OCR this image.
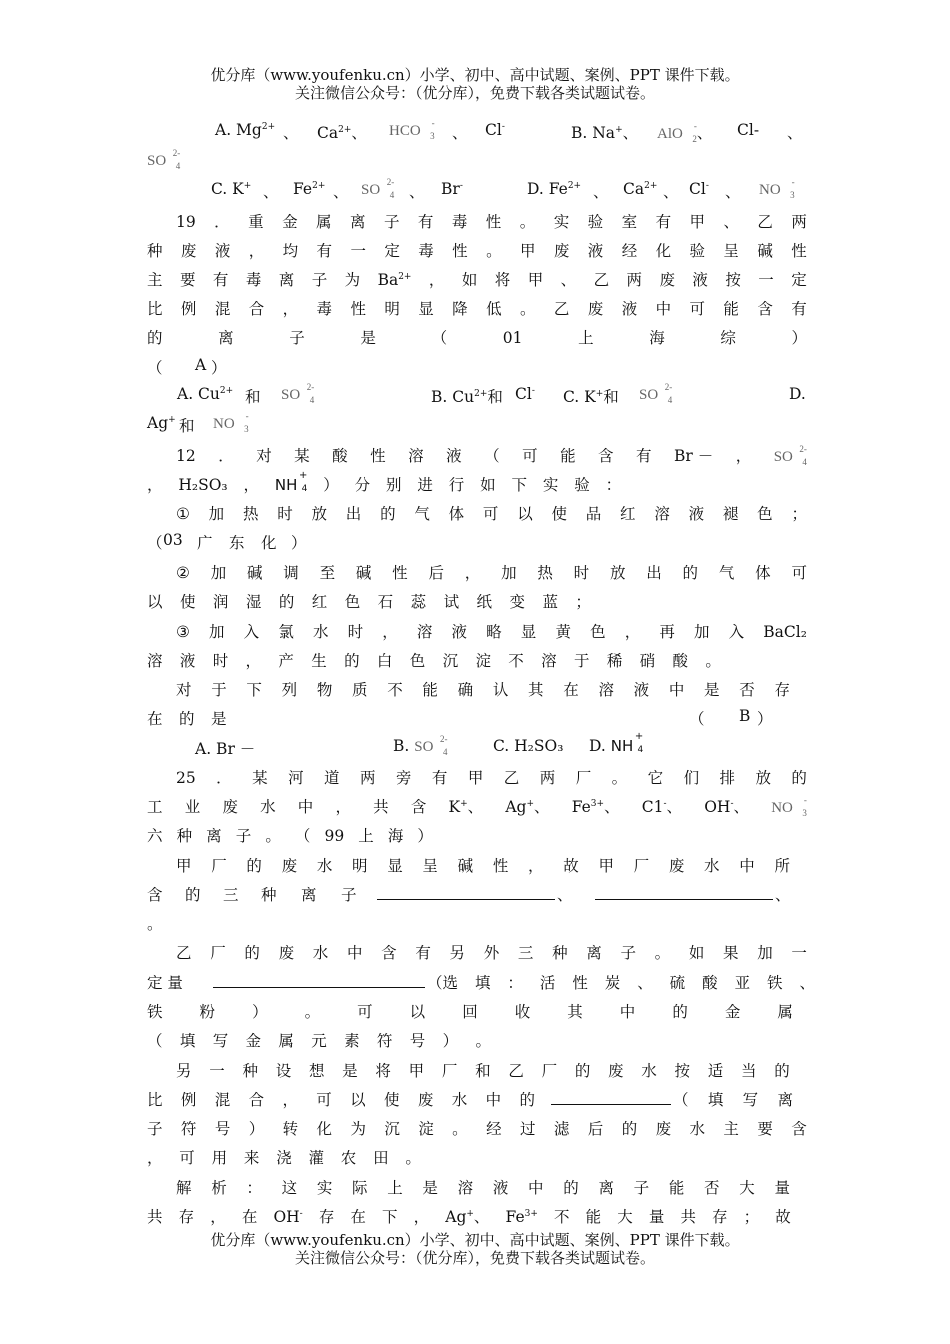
优分库（www.youfenku.cn）小学、初中、高中试题、案例、PPT 课件下载。
关注微信公众号：（优分库），免费下载各类试题试卷。
A. $Mg^{2+}$ 、 $Ca^{2+}$、 HCO -
3 、 Cl-	B. Na+、 AlO -
2 、 Cl- 、
SO 2-
4
C. K+ 、 $Fe^{2+}$ 、 SO 2-
4 、 Br-	D. $Fe^{2+}$ 、 $Ca^{2+}$ 、 Cl- 、 NO -
3
19 ． 重 金 属 离 子 有 毒 性 。 实 验 室 有 甲 、 乙 两
种 废 液 ， 均 有 一 定 毒 性 。 甲 废 液 经 化 验 呈 碱 性
主 要 有 毒 离 子 为 $Ba^{2+}$ ， 如 将 甲 、 乙 两 废 液 按 一 定
比 例 混 合 ， 毒 性 明 显 降 低 。 乙 废 液 中 可 能 含 有
的	离	子	是	（	01	上	海	综	）
（ A ）
A. $Cu^{2+}$ 和 SO 2-
4	B. $Cu^{2+}$和 Cl- C. K+和 SO 2-
4	D.
Ag+ 和 NO -
3
12 ． 对 某 酸 性 溶 液 （ 可 能 含 有 Br － ， SO 2-
4
， H₂SO₃ ， NH
+
4 ） 分 别 进 行 如 下 实 验 ：
① 加 热 时 放 出 的 气 体 可 以 使 品 红 溶 液 褪 色 ；
（ 03 广 东 化 ）
② 加 碱 调 至 碱 性 后 ， 加 热 时 放 出 的 气 体 可
以 使 润 湿 的 红 色 石 蕊 试 纸 变 蓝 ；
③ 加 入 氯 水 时 ， 溶 液 略 显 黄 色 ， 再 加 入 BaCl₂
溶 液 时 ， 产 生 的 白 色 沉 淀 不 溶 于 稀 硝 酸 。
对 于 下 列 物 质 不 能 确 认 其 在 溶 液 中 是 否 存
在 的 是	（ B ）
A. Br －	B. SO 2-
4	C. H₂SO₃ D. NH
+
4
25 ． 某 河 道 两 旁 有 甲 乙 两 厂 。 它 们 排 放 的
工 业 废 水 中 ， 共 含 K+、 Ag+、 $Fe^{3+}$、 C1-、 OH-、 NO -
3
六 种 离 子 。 （ 99 上 海 ）
甲 厂 的 废 水 明 显 呈 碱 性 ， 故 甲 厂 废 水 中 所
含 的 三 种 离 子	、	、
。
乙 厂 的 废 水 中 含 有 另 外 三 种 离 子 。 如 果 加 一
定 量	（选 填 ： 活 性 炭 、 硫 酸 亚 铁 、
铁 粉 ） 。 可 以 回 收 其 中 的 金 属
（ 填 写 金 属 元 素 符 号 ） 。
另 一 种 设 想 是 将 甲 厂 和 乙 厂 的 废 水 按 适 当 的
比 例 混 合 ， 可 以 使 废 水 中 的	（ 填 写 离
子 符 号 ） 转 化 为 沉 淀 。 经 过 滤 后 的 废 水 主 要 含
， 可 用 来 浇 灌 农 田 。
解 析 ： 这 实 际 上 是 溶 液 中 的 离 子 能 否 大 量
共 存 ， 在 OH- 存 在 下 ， Ag+、 $Fe^{3+}$ 不 能 大 量 共 存 ； 故
优分库（www.youfenku.cn）小学、初中、高中试题、案例、PPT 课件下载。
关注微信公众号：（优分库），免费下载各类试题试卷。
